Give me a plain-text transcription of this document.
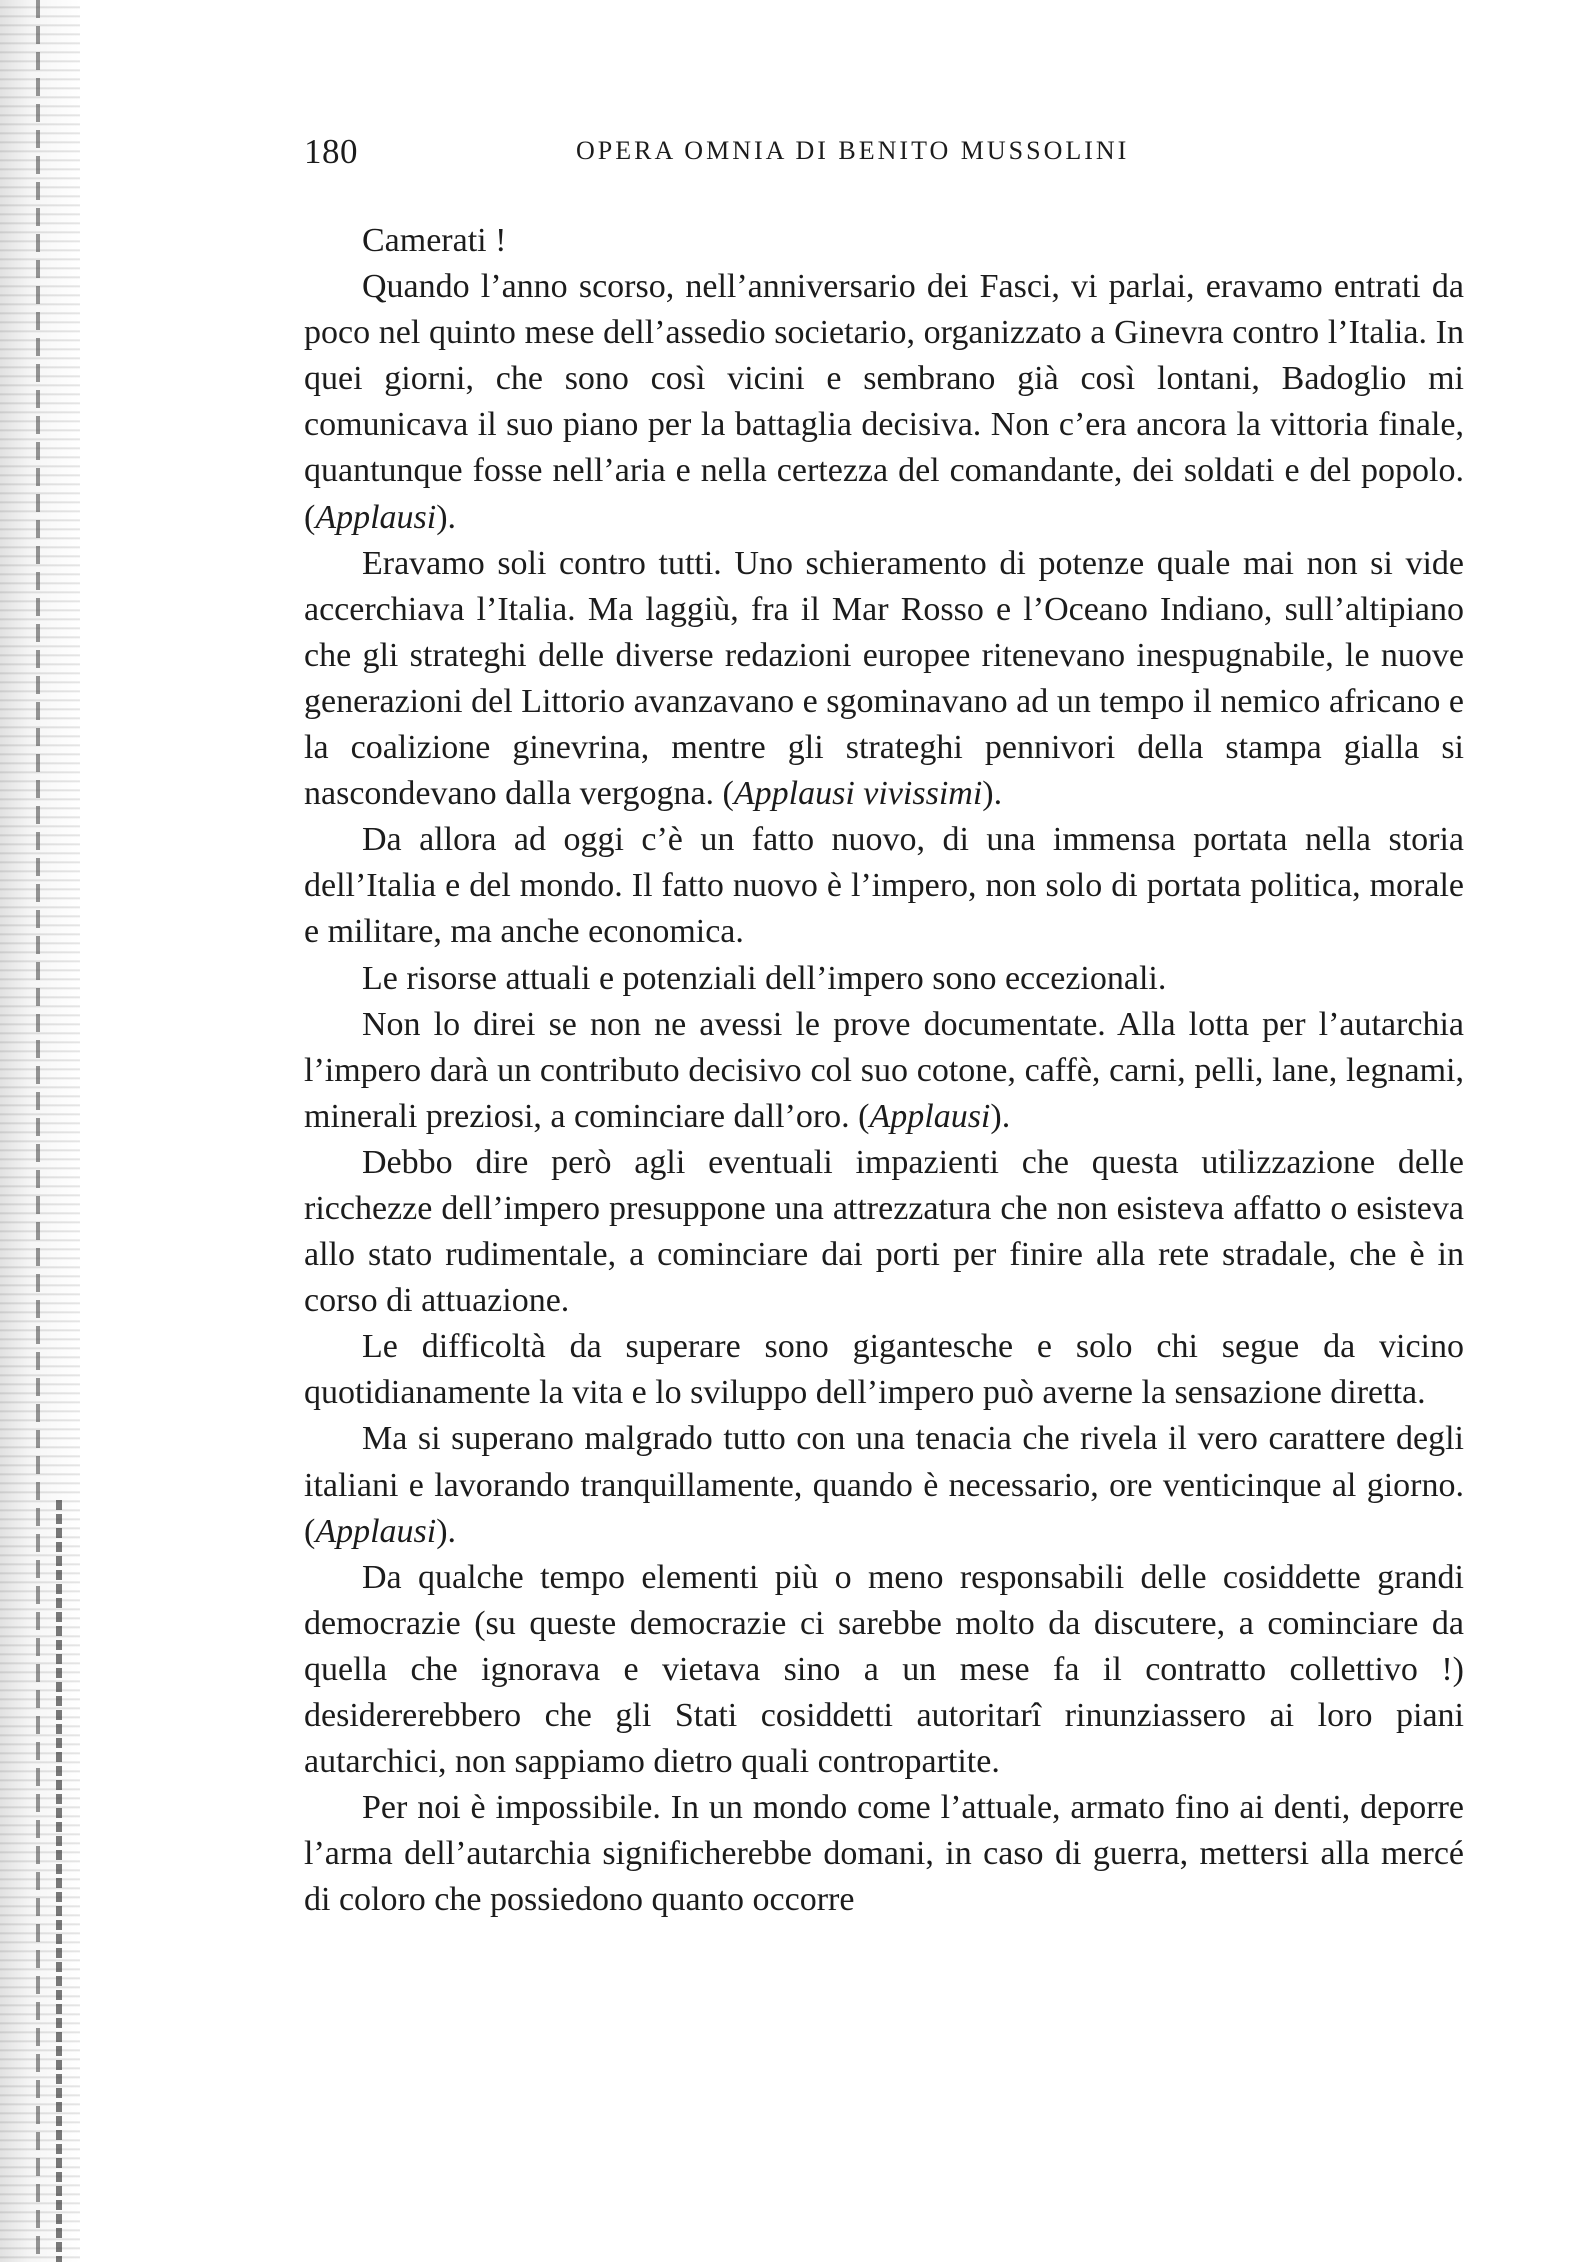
180	OPERA OMNIA DI BENITO MUSSOLINI

Camerati !

Quando l’anno scorso, nell’anniversario dei Fasci, vi parlai, eravamo entrati da poco nel quinto mese dell’assedio societario, organizzato a Ginevra contro l’Italia. In quei giorni, che sono così vicini e sembrano già così lontani, Badoglio mi comunicava il suo piano per la battaglia decisiva. Non c’era ancora la vittoria finale, quantunque fosse nell’aria e nella certezza del comandante, dei soldati e del popolo. (Applausi).

Eravamo soli contro tutti. Uno schieramento di potenze quale mai non si vide accerchiava l’Italia. Ma laggiù, fra il Mar Rosso e l’Oceano Indiano, sull’altipiano che gli strateghi delle diverse redazioni europee ritenevano inespugnabile, le nuove generazioni del Littorio avanzavano e sgominavano ad un tempo il nemico africano e la coalizione ginevrina, mentre gli strateghi pennivori della stampa gialla si nascondevano dalla vergogna. (Applausi vivissimi).

Da allora ad oggi c’è un fatto nuovo, di una immensa portata nella storia dell’Italia e del mondo. Il fatto nuovo è l’impero, non solo di portata politica, morale e militare, ma anche economica.

Le risorse attuali e potenziali dell’impero sono eccezionali.

Non lo direi se non ne avessi le prove documentate. Alla lotta per l’autarchia l’impero darà un contributo decisivo col suo cotone, caffè, carni, pelli, lane, legnami, minerali preziosi, a cominciare dall’oro. (Applausi).

Debbo dire però agli eventuali impazienti che questa utilizzazione delle ricchezze dell’impero presuppone una attrezzatura che non esisteva affatto o esisteva allo stato rudimentale, a cominciare dai porti per finire alla rete stradale, che è in corso di attuazione.

Le difficoltà da superare sono gigantesche e solo chi segue da vicino quotidianamente la vita e lo sviluppo dell’impero può averne la sensazione diretta.

Ma si superano malgrado tutto con una tenacia che rivela il vero carattere degli italiani e lavorando tranquillamente, quando è necessario, ore venticinque al giorno. (Applausi).

Da qualche tempo elementi più o meno responsabili delle cosiddette grandi democrazie (su queste democrazie ci sarebbe molto da discutere, a cominciare da quella che ignorava e vietava sino a un mese fa il contratto collettivo !) desidererebbero che gli Stati cosiddetti autoritarî rinunziassero ai loro piani autarchici, non sappiamo dietro quali contropartite.

Per noi è impossibile. In un mondo come l’attuale, armato fino ai denti, deporre l’arma dell’autarchia significherebbe domani, in caso di guerra, mettersi alla mercé di coloro che possiedono quanto occorre
